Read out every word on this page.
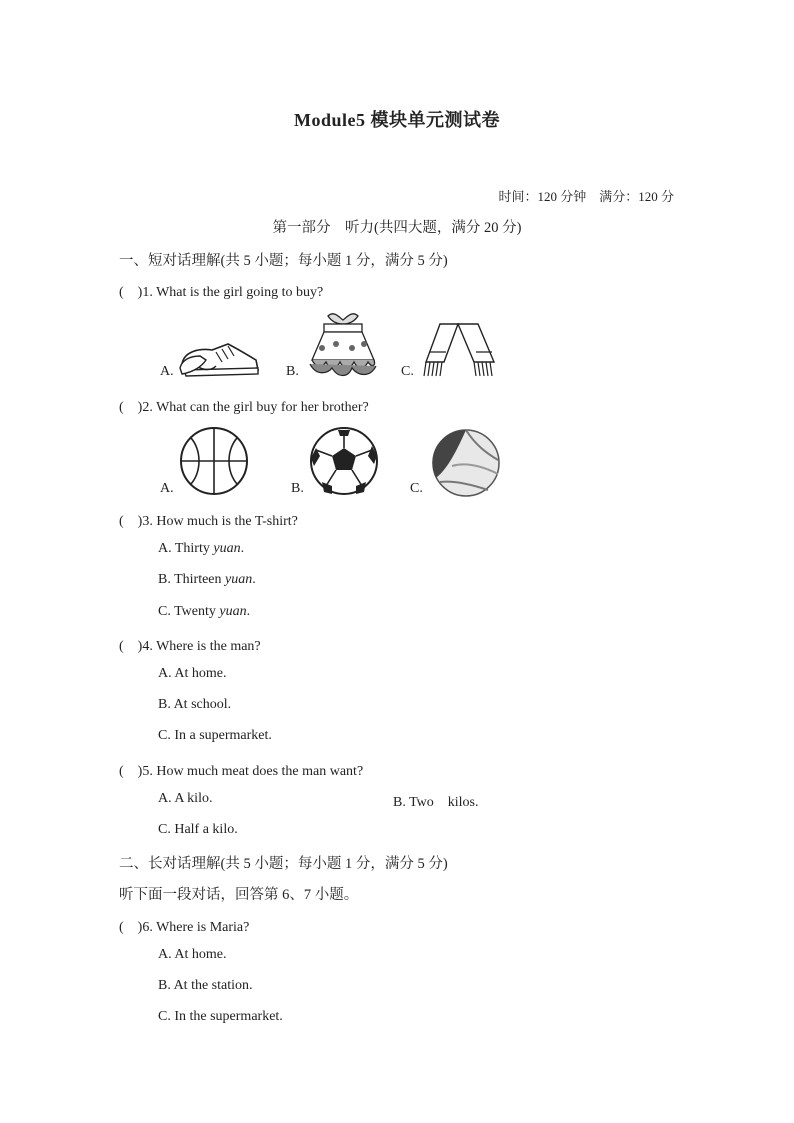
Module5 模块单元测试卷
时间：120 分钟　满分：120 分
第一部分　听力(共四大题，满分 20 分)
一、短对话理解(共 5 小题；每小题 1 分，满分 5 分)
(　)1. What is the girl going to buy?
A.	B.	C.
(　)2. What can the girl buy for her brother?
A.	B.	C.
(　)3. How much is the T-shirt?
A. Thirty yuan.
B. Thirteen yuan.
C. Twenty yuan.
(　)4. Where is the man?
A. At home.
B. At school.
C. In a supermarket.
(　)5. How much meat does the man want?
A. A kilo.	B. Two　kilos.
C. Half a kilo.
二、长对话理解(共 5 小题；每小题 1 分，满分 5 分)
听下面一段对话，回答第 6、7 小题。
(　)6. Where is Maria?
A. At home.
B. At the station.
C. In the supermarket.
